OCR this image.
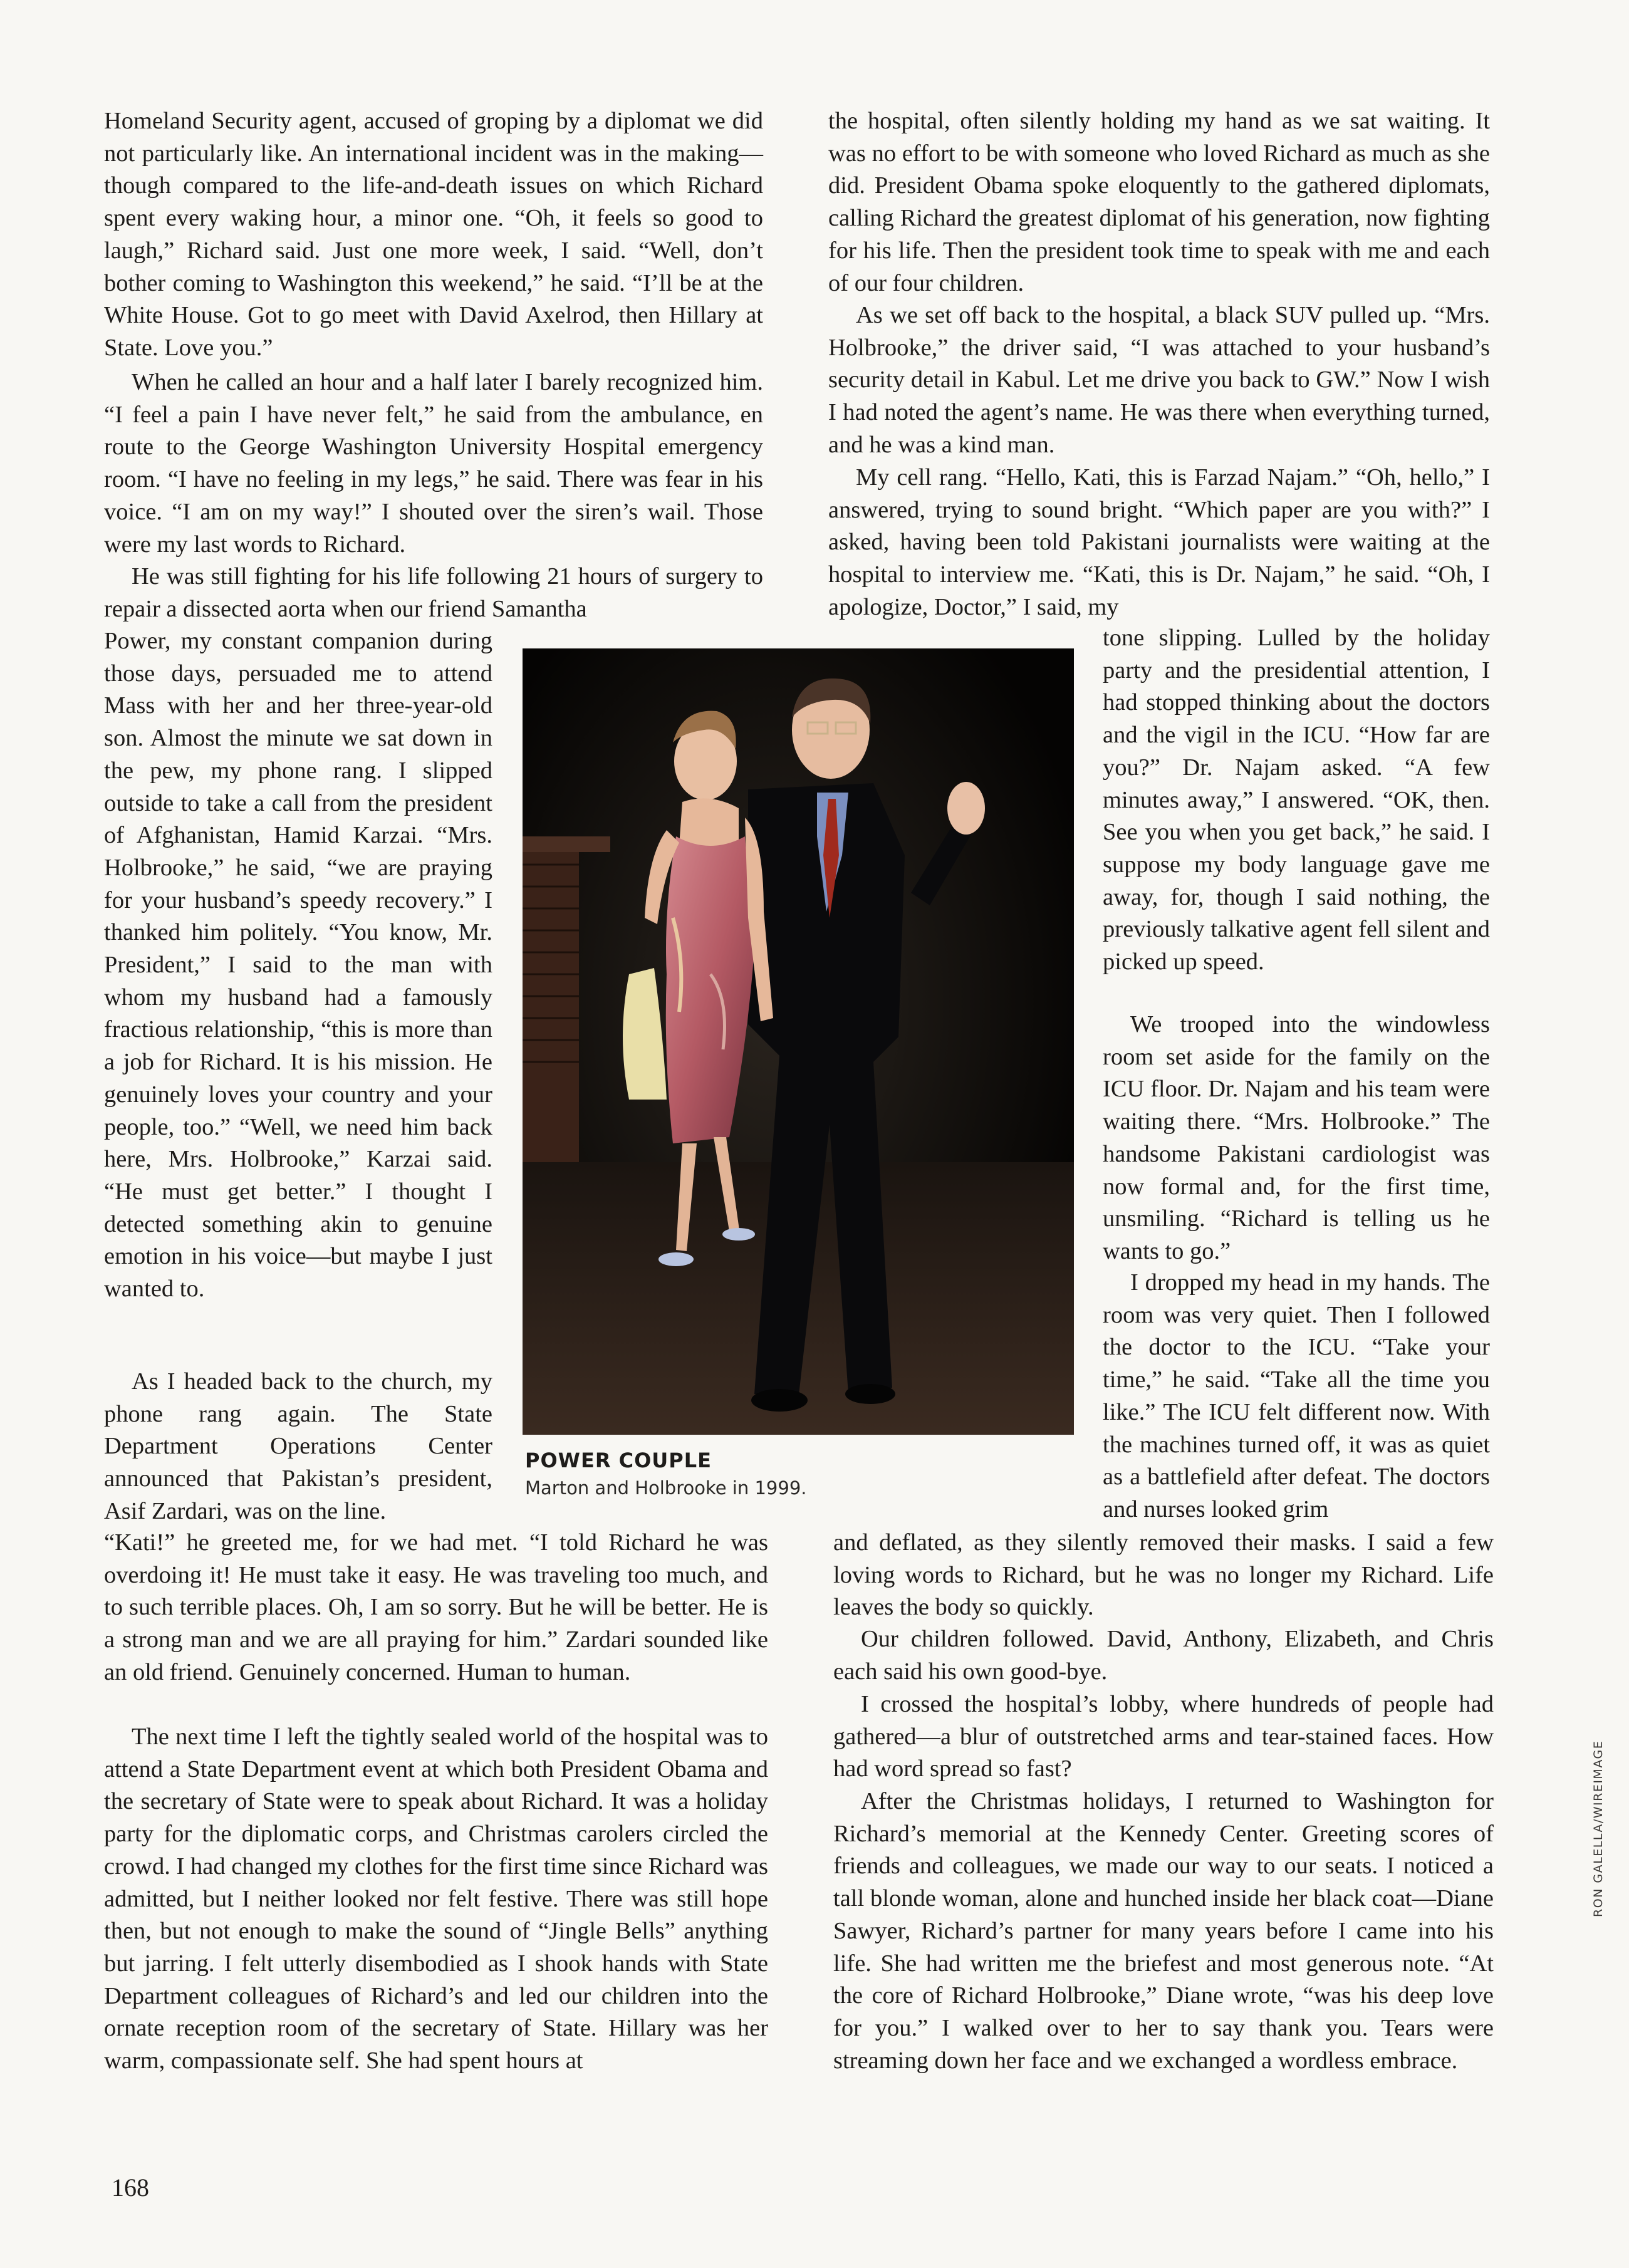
Homeland Security agent, accused of groping by a diplomat we did not particularly like. An international incident was in the making—though compared to the life-and-death issues on which Richard spent every waking hour, a minor one. “Oh, it feels so good to laugh,” Richard said. Just one more week, I said. “Well, don’t bother coming to Washington this weekend,” he said. “I’ll be at the White House. Got to go meet with David Axelrod, then Hillary at State. Love you.”

When he called an hour and a half later I barely recognized him. “I feel a pain I have never felt,” he said from the ambulance, en route to the George Washington University Hospital emergency room. “I have no feeling in my legs,” he said. There was fear in his voice. “I am on my way!” I shouted over the siren’s wail. Those were my last words to Richard.

He was still fighting for his life following 21 hours of surgery to repair a dissected aorta when our friend Samantha

Power, my constant companion during those days, persuaded me to attend Mass with her and her three-year-old son. Almost the minute we sat down in the pew, my phone rang. I slipped outside to take a call from the president of Afghanistan, Hamid Karzai. “Mrs. Holbrooke,” he said, “we are praying for your husband’s speedy recovery.” I thanked him politely. “You know, Mr. President,” I said to the man with whom my husband had a famously fractious relationship, “this is more than a job for Richard. It is his mission. He genuinely loves your country and your people, too.” “Well, we need him back here, Mrs. Holbrooke,” Karzai said. “He must get better.” I thought I detected something akin to genuine emotion in his voice—but maybe I just wanted to.

As I headed back to the church, my phone rang again. The State Department Operations Center announced that Pakistan’s president, Asif Zardari, was on the line.

“Kati!” he greeted me, for we had met. “I told Richard he was overdoing it! He must take it easy. He was traveling too much, and to such terrible places. Oh, I am so sorry. But he will be better. He is a strong man and we are all praying for him.” Zardari sounded like an old friend. Genuinely concerned. Human to human.

The next time I left the tightly sealed world of the hospital was to attend a State Department event at which both President Obama and the secretary of State were to speak about Richard. It was a holiday party for the diplomatic corps, and Christmas carolers circled the crowd. I had changed my clothes for the first time since Richard was admitted, but I neither looked nor felt festive. There was still hope then, but not enough to make the sound of “Jingle Bells” anything but jarring. I felt utterly disembodied as I shook hands with State Department colleagues of Richard’s and led our children into the ornate reception room of the secretary of State. Hillary was her warm, compassionate self. She had spent hours at

the hospital, often silently holding my hand as we sat waiting. It was no effort to be with someone who loved Richard as much as she did. President Obama spoke eloquently to the gathered diplomats, calling Richard the greatest diplomat of his generation, now fighting for his life. Then the president took time to speak with me and each of our four children.

As we set off back to the hospital, a black SUV pulled up. “Mrs. Holbrooke,” the driver said, “I was attached to your husband’s security detail in Kabul. Let me drive you back to GW.” Now I wish I had noted the agent’s name. He was there when everything turned, and he was a kind man.

My cell rang. “Hello, Kati, this is Farzad Najam.” “Oh, hello,” I answered, trying to sound bright. “Which paper are you with?” I asked, having been told Pakistani journalists were waiting at the hospital to interview me. “Kati, this is Dr. Najam,” he said. “Oh, I apologize, Doctor,” I said, my

tone slipping. Lulled by the holiday party and the presidential attention, I had stopped thinking about the doctors and the vigil in the ICU. “How far are you?” Dr. Najam asked. “A few minutes away,” I answered. “OK, then. See you when you get back,” he said. I suppose my body language gave me away, for, though I said nothing, the previously talkative agent fell silent and picked up speed.

We trooped into the windowless room set aside for the family on the ICU floor. Dr. Najam and his team were waiting there. “Mrs. Holbrooke.” The handsome Pakistani cardiologist was now formal and, for the first time, unsmiling. “Richard is telling us he wants to go.”

I dropped my head in my hands. The room was very quiet. Then I followed the doctor to the ICU. “Take your time,” he said. “Take all the time you like.” The ICU felt different now. With the machines turned off, it was as quiet as a battlefield after defeat. The doctors and nurses looked grim

and deflated, as they silently removed their masks. I said a few loving words to Richard, but he was no longer my Richard. Life leaves the body so quickly.

Our children followed. David, Anthony, Elizabeth, and Chris each said his own good-bye.

I crossed the hospital’s lobby, where hundreds of people had gathered—a blur of outstretched arms and tear-stained faces. How had word spread so fast?

After the Christmas holidays, I returned to Washington for Richard’s memorial at the Kennedy Center. Greeting scores of friends and colleagues, we made our way to our seats. I noticed a tall blonde woman, alone and hunched inside her black coat—Diane Sawyer, Richard’s partner for many years before I came into his life. She had written me the briefest and most generous note. “At the core of Richard Holbrooke,” Diane wrote, “was his deep love for you.” I walked over to her to say thank you. Tears were streaming down her face and we exchanged a wordless embrace.

POWER COUPLE
Marton and Holbrooke in 1999.
RON GALELLA/WIREIMAGE
168
